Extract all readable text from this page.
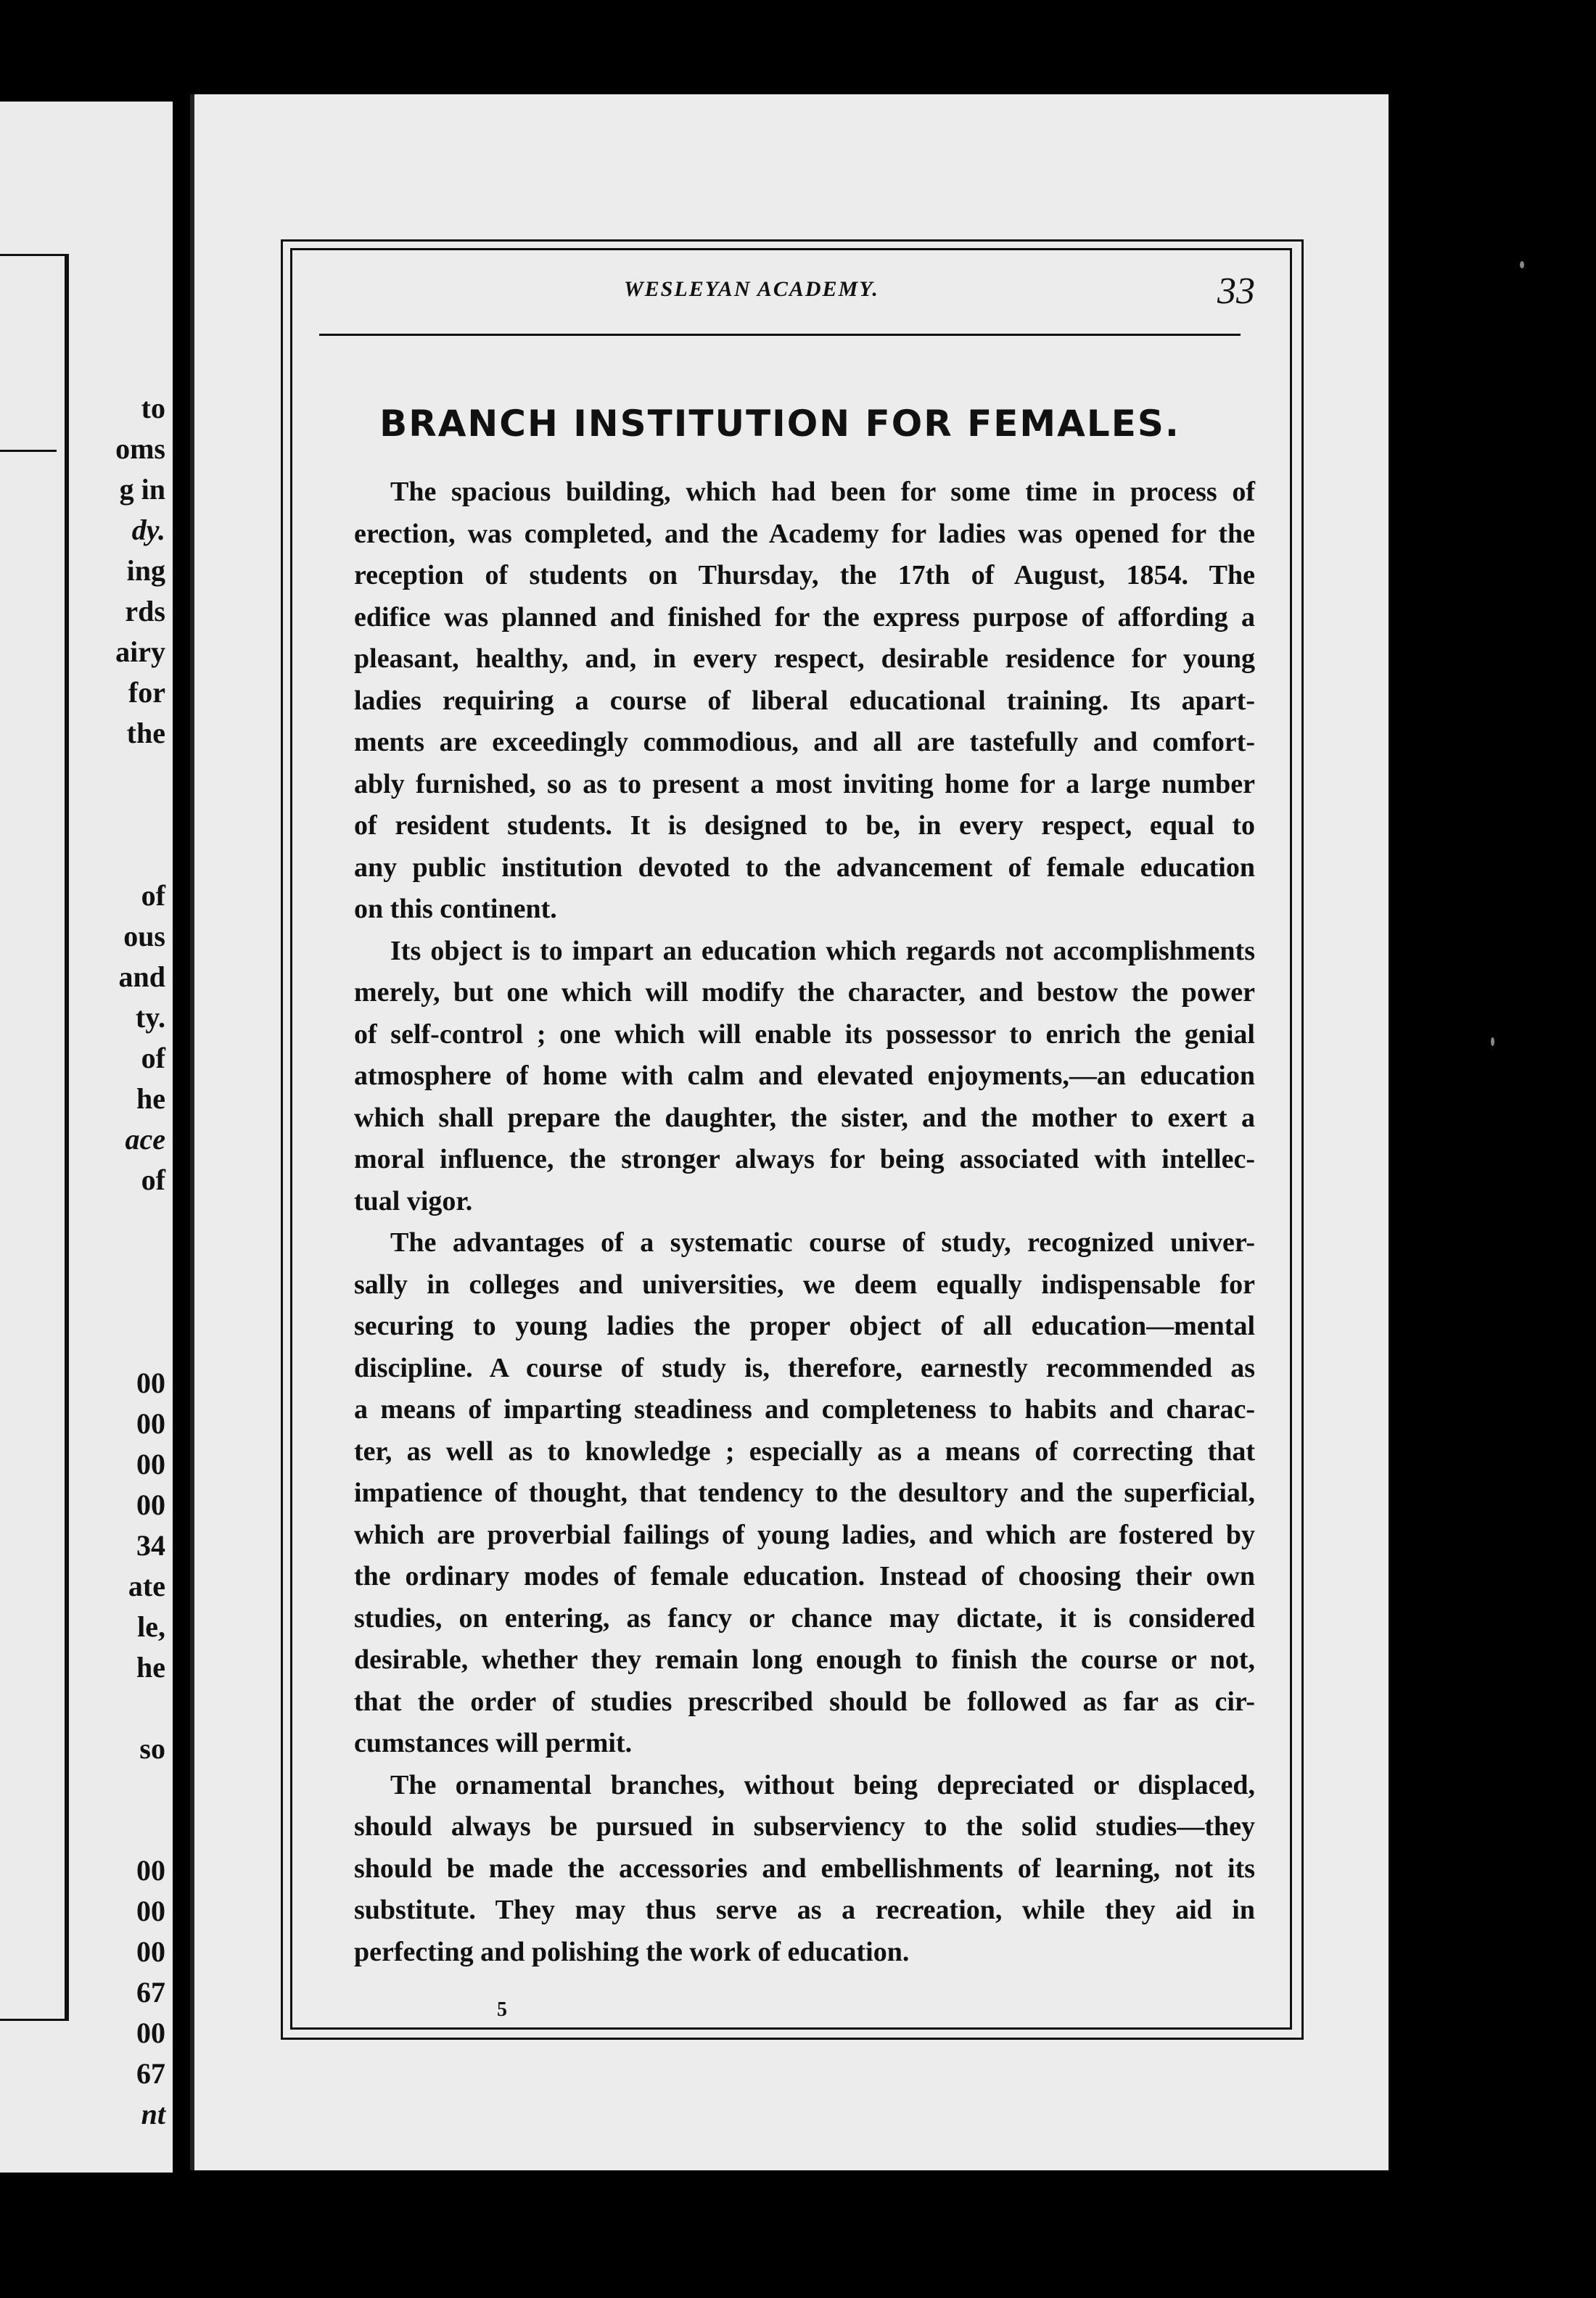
to
oms
g in
dy.
ing
rds
airy
for
the
of
ous
and
ty.
of
he
ace
of
00
00
00
00
34
ate
le,
he
so
00
00
00
67
00
67
nt
WESLEYAN ACADEMY.	33
BRANCH INSTITUTION FOR FEMALES.
The spacious building, which had been for some time in process of
erection, was completed, and the Academy for ladies was opened for the
reception of students on Thursday, the 17th of August, 1854. The
edifice was planned and finished for the express purpose of affording a
pleasant, healthy, and, in every respect, desirable residence for young
ladies requiring a course of liberal educational training. Its apart-
ments are exceedingly commodious, and all are tastefully and comfort-
ably furnished, so as to present a most inviting home for a large number
of resident students. It is designed to be, in every respect, equal to
any public institution devoted to the advancement of female education
on this continent.
Its object is to impart an education which regards not accomplishments
merely, but one which will modify the character, and bestow the power
of self-control ; one which will enable its possessor to enrich the genial
atmosphere of home with calm and elevated enjoyments,—an education
which shall prepare the daughter, the sister, and the mother to exert a
moral influence, the stronger always for being associated with intellec-
tual vigor.
The advantages of a systematic course of study, recognized univer-
sally in colleges and universities, we deem equally indispensable for
securing to young ladies the proper object of all education—mental
discipline. A course of study is, therefore, earnestly recommended as
a means of imparting steadiness and completeness to habits and charac-
ter, as well as to knowledge ; especially as a means of correcting that
impatience of thought, that tendency to the desultory and the superficial,
which are proverbial failings of young ladies, and which are fostered by
the ordinary modes of female education. Instead of choosing their own
studies, on entering, as fancy or chance may dictate, it is considered
desirable, whether they remain long enough to finish the course or not,
that the order of studies prescribed should be followed as far as cir-
cumstances will permit.
The ornamental branches, without being depreciated or displaced,
should always be pursued in subserviency to the solid studies—they
should be made the accessories and embellishments of learning, not its
substitute. They may thus serve as a recreation, while they aid in
perfecting and polishing the work of education.
5
